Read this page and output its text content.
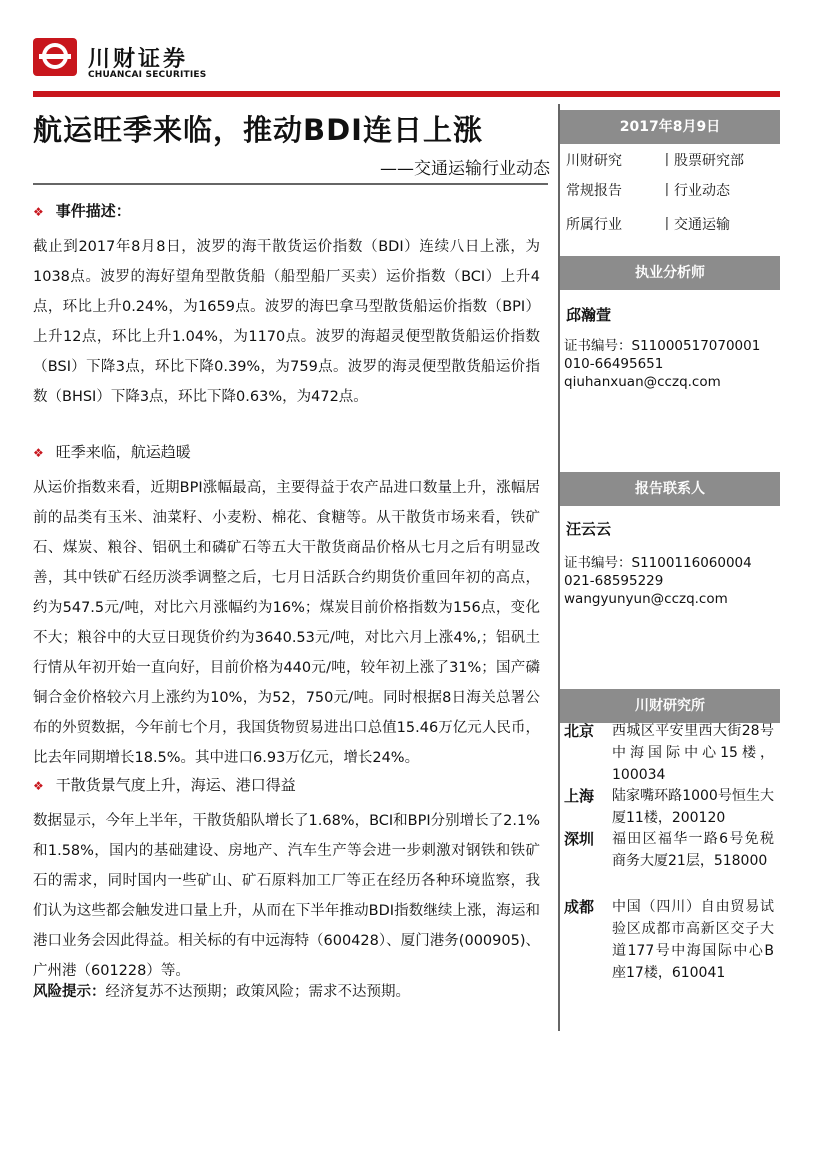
川财证券
CHUANCAI SECURITIES
航运旺季来临，推动BDI连日上涨
——交通运输行业动态
❖ 事件描述：
截止到2017年8月8日，波罗的海干散货运价指数（BDI）连续八日上涨，为1038点。波罗的海好望角型散货船（船型船厂买卖）运价指数（BCI）上升4点，环比上升0.24%，为1659点。波罗的海巴拿马型散货船运价指数（BPI）上升12点，环比上升1.04%，为1170点。波罗的海超灵便型散货船运价指数（BSI）下降3点，环比下降0.39%，为759点。波罗的海灵便型散货船运价指数（BHSI）下降3点，环比下降0.63%，为472点。
❖ 旺季来临，航运趋暖
从运价指数来看，近期BPI涨幅最高，主要得益于农产品进口数量上升，涨幅居前的品类有玉米、油菜籽、小麦粉、棉花、食糖等。从干散货市场来看，铁矿石、煤炭、粮谷、铝矾土和磷矿石等五大干散货商品价格从七月之后有明显改善，其中铁矿石经历淡季调整之后，七月日活跃合约期货价重回年初的高点，约为547.5元/吨，对比六月涨幅约为16%；煤炭目前价格指数为156点，变化不大；粮谷中的大豆日现货价约为3640.53元/吨，对比六月上涨4%,；铝矾土行情从年初开始一直向好，目前价格为440元/吨，较年初上涨了31%；国产磷铜合金价格较六月上涨约为10%，为52，750元/吨。同时根据8日海关总署公布的外贸数据，今年前七个月，我国货物贸易进出口总值15.46万亿元人民币，比去年同期增长18.5%。其中进口6.93万亿元，增长24%。
❖ 干散货景气度上升，海运、港口得益
数据显示，今年上半年，干散货船队增长了1.68%，BCI和BPI分别增长了2.1%和1.58%，国内的基础建设、房地产、汽车生产等会进一步刺激对钢铁和铁矿石的需求，同时国内一些矿山、矿石原料加工厂等正在经历各种环境监察，我们认为这些都会触发进口量上升，从而在下半年推动BDI指数继续上涨，海运和港口业务会因此得益。相关标的有中远海特（600428）、厦门港务(000905)、广州港（601228）等。
风险提示：经济复苏不达预期；政策风险；需求不达预期。
2017年8月9日
川财研究	丨股票研究部
常规报告	丨行业动态
所属行业	丨交通运输
执业分析师
邱瀚萱
证书编号：S11000517070001
010-66495651
qiuhanxuan@cczq.com
报告联系人
汪云云
证书编号：S1100116060004
021-68595229
wangyunyun@cczq.com
川财研究所
北京 西城区平安里西大街28号中海国际中心15楼，100034
上海 陆家嘴环路1000号恒生大厦11楼，200120
深圳 福田区福华一路6号免税商务大厦21层，518000
成都 中国（四川）自由贸易试验区成都市高新区交子大道177号中海国际中心B座17楼，610041
